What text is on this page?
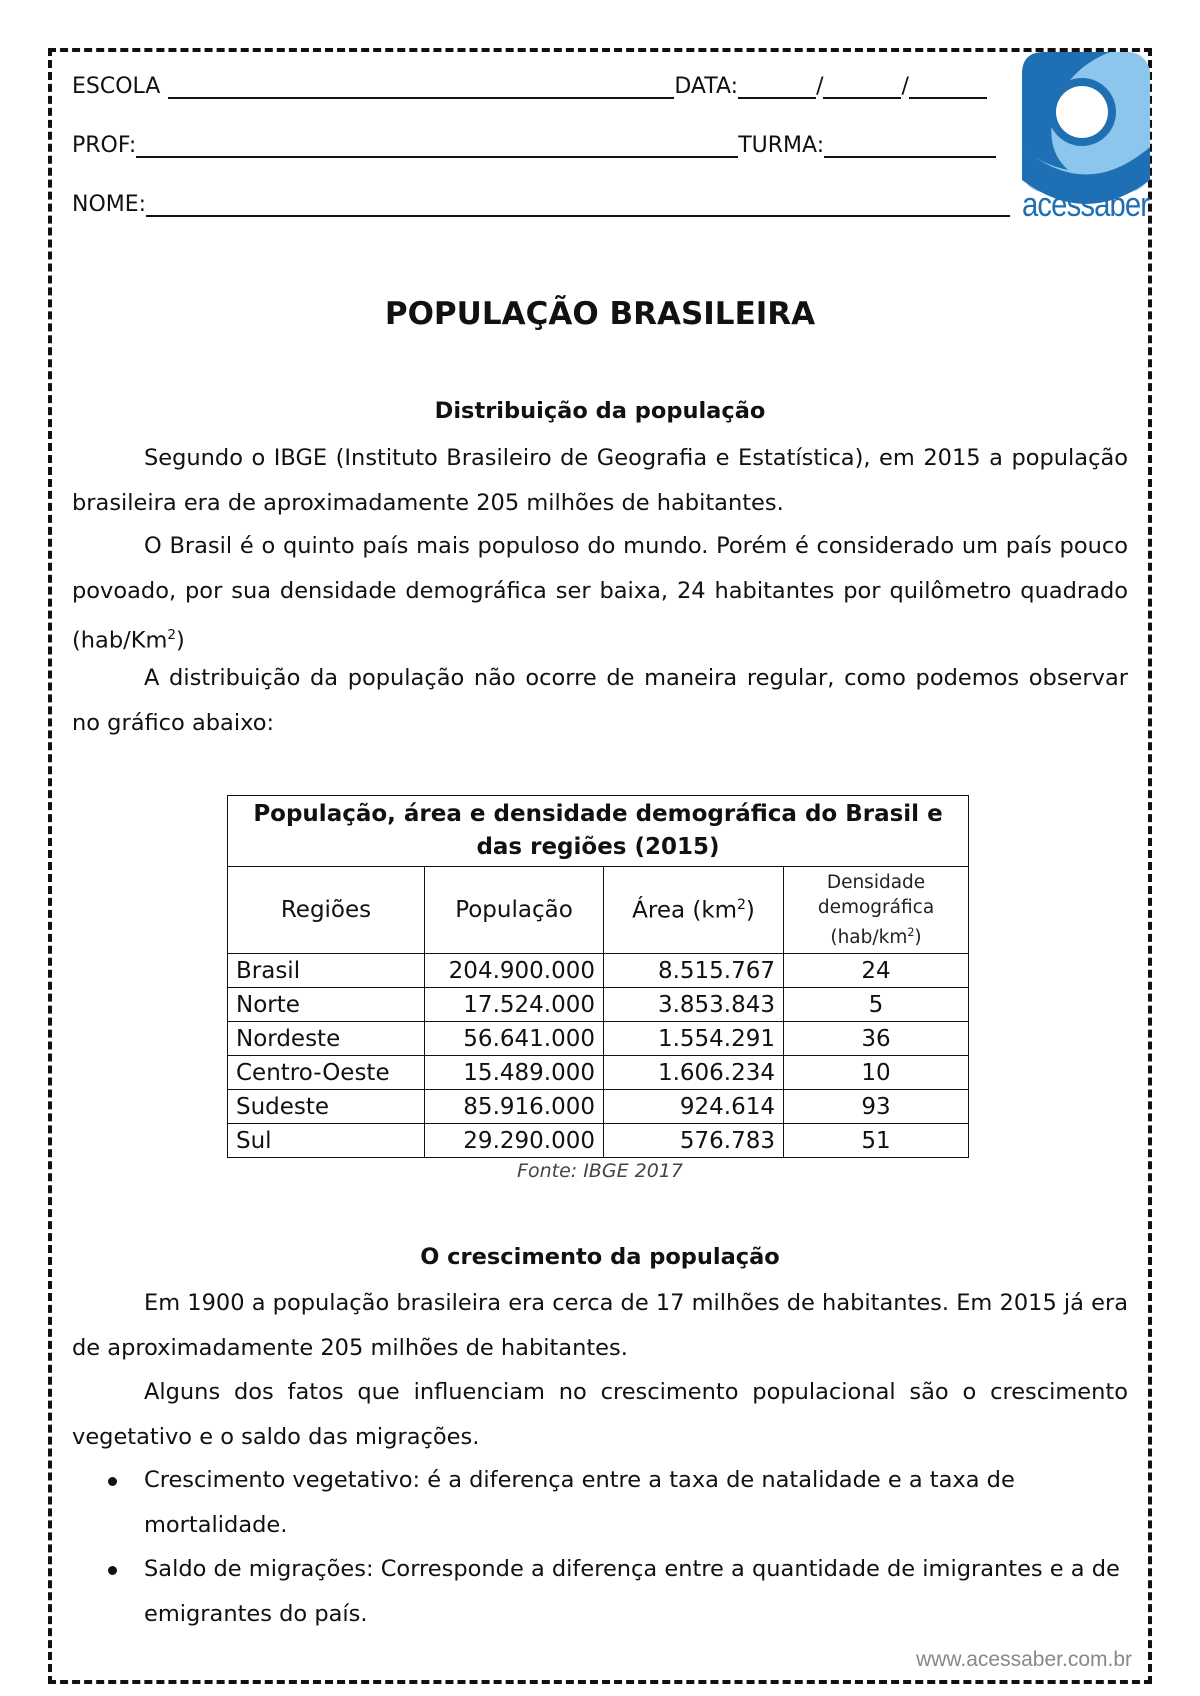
ESCOLA	DATA:	/	/
PROF:	TURMA:
NOME:	acessaber
POPULAÇÃO BRASILEIRA
Distribuição da população

Segundo o IBGE (Instituto Brasileiro de Geografia e Estatística), em 2015 a população brasileira era de aproximadamente 205 milhões de habitantes.

O Brasil é o quinto país mais populoso do mundo. Porém é considerado um país pouco povoado, por sua densidade demográfica ser baixa, 24 habitantes por quilômetro quadrado (hab/Km$^2$)

A distribuição da população não ocorre de maneira regular, como podemos observar no gráfico abaixo:

População, área e densidade demográfica do Brasil e das regiões (2015)			
Regiões	População	Área $(km^2)$	Densidade
demográfica
$(hab/km^2)$
Brasil	204.900.000	8.515.767	24
Norte	17.524.000	3.853.843	5
Nordeste	56.641.000	1.554.291	36
Centro-Oeste	15.489.000	1.606.234	10
Sudeste	85.916.000	924.614	93
Sul	29.290.000	576.783	51
Fonte: IBGE 2017
O crescimento da população

Em 1900 a população brasileira era cerca de 17 milhões de habitantes. Em 2015 já era de aproximadamente 205 milhões de habitantes.

Alguns dos fatos que influenciam no crescimento populacional são o crescimento vegetativo e o saldo das migrações.

Crescimento vegetativo: é a diferença entre a taxa de natalidade e a taxa de mortalidade.

Saldo de migrações: Corresponde a diferença entre a quantidade de imigrantes e a de emigrantes do país.

www.acessaber.com.br
